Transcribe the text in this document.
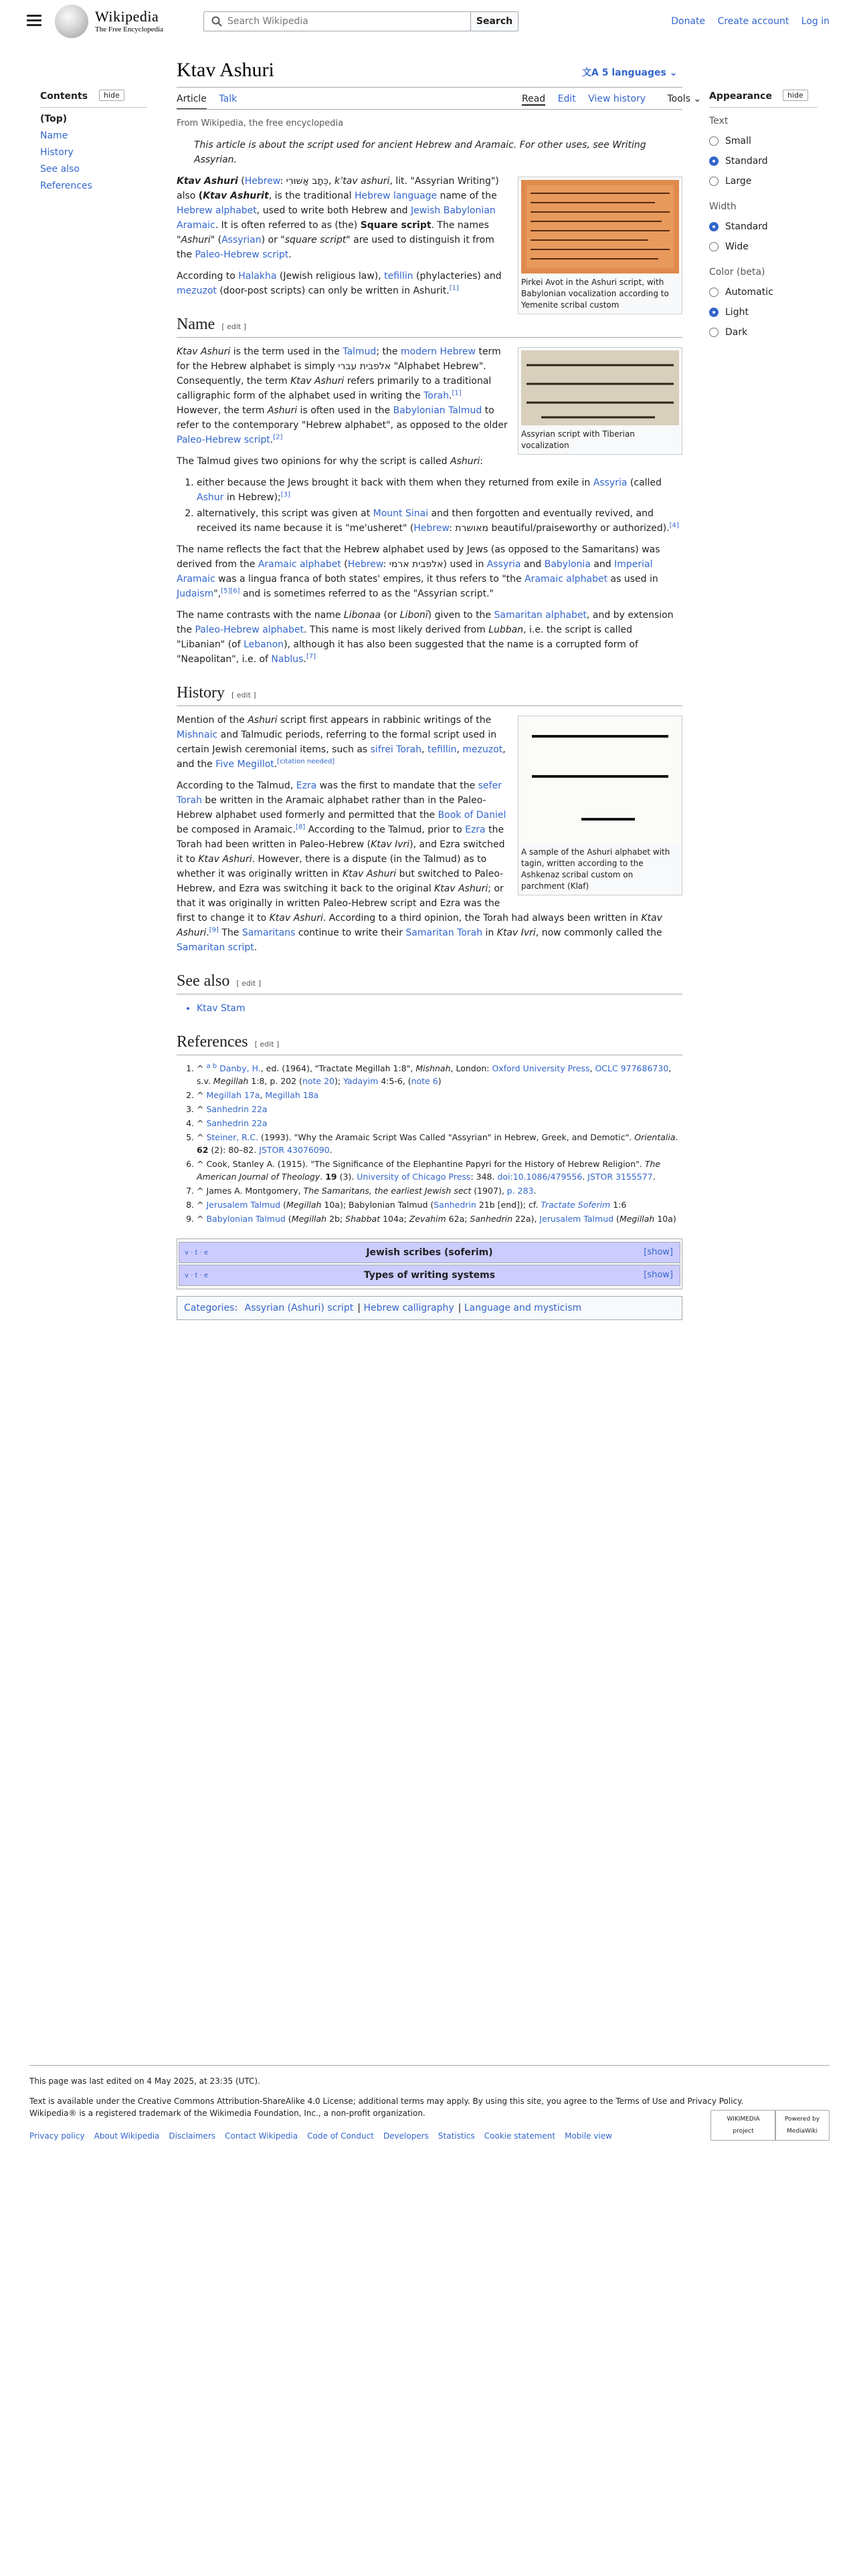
Wikipedia
The Free Encyclopedia
Search Wikipedia
Search	Donate Create account Log in
Contents	hide
(Top)
Name
History
See also
References
Ktav Ashuri	文A 5 languages ⌄
Article Talk	Read Edit View history Tools ⌄ Appearance	hide
Text
Small
Standard
Large
Width
Standard
Wide
Color (beta)
Automatic
Light
Dark

From Wikipedia, the free encyclopedia

This article is about the script used for ancient Hebrew and Aramaic. For other uses, see Writing Assyrian.
Pirkei Avot in the Ashuri script, with Babylonian vocalization according to Yemenite scribal custom

Ktav Ashuri (Hebrew: כְּתָב אַשּׁוּרִי, kʾtav ashuri, lit. "Assyrian Writing") also (Ktav Ashurit, is the traditional Hebrew language name of the Hebrew alphabet, used to write both Hebrew and Jewish Babylonian Aramaic. It is often referred to as (the) Square script. The names "Ashuri" (Assyrian) or "square script" are used to distinguish it from the Paleo-Hebrew script.

According to Halakha (Jewish religious law), tefillin (phylacteries) and mezuzot (door-post scripts) can only be written in Ashurit.[1]

Name [ edit ]
Assyrian script with Tiberian vocalization

Ktav Ashuri is the term used in the Talmud; the modern Hebrew term for the Hebrew alphabet is simply אלפבית עברי "Alphabet Hebrew". Consequently, the term Ktav Ashuri refers primarily to a traditional calligraphic form of the alphabet used in writing the Torah.[1] However, the term Ashuri is often used in the Babylonian Talmud to refer to the contemporary "Hebrew alphabet", as opposed to the older Paleo-Hebrew script.[2]

The Talmud gives two opinions for why the script is called Ashuri:

1. either because the Jews brought it back with them when they returned from exile in Assyria (called Ashur in Hebrew);[3]
2. alternatively, this script was given at Mount Sinai and then forgotten and eventually revived, and received its name because it is "me'usheret" (Hebrew: מאושרת beautiful/praiseworthy or authorized).[4]

The name reflects the fact that the Hebrew alphabet used by Jews (as opposed to the Samaritans) was derived from the Aramaic alphabet (Hebrew: אלפבית ארמי) used in Assyria and Babylonia and Imperial Aramaic was a lingua franca of both states' empires, it thus refers to "the Aramaic alphabet as used in Judaism",[5][6] and is sometimes referred to as the "Assyrian script."

The name contrasts with the name Libonaa (or Libonī) given to the Samaritan alphabet, and by extension the Paleo-Hebrew alphabet. This name is most likely derived from Lubban, i.e. the script is called "Libanian" (of Lebanon), although it has also been suggested that the name is a corrupted form of "Neapolitan", i.e. of Nablus.[7]

History [ edit ]
A sample of the Ashuri alphabet with tagin, written according to the Ashkenaz scribal custom on parchment (Klaf)

Mention of the Ashuri script first appears in rabbinic writings of the Mishnaic and Talmudic periods, referring to the formal script used in certain Jewish ceremonial items, such as sifrei Torah, tefillin, mezuzot, and the Five Megillot.[citation needed]

According to the Talmud, Ezra was the first to mandate that the sefer Torah be written in the Aramaic alphabet rather than in the Paleo-Hebrew alphabet used formerly and permitted that the Book of Daniel be composed in Aramaic.[8] According to the Talmud, prior to Ezra the Torah had been written in Paleo-Hebrew (Ktav Ivri), and Ezra switched it to Ktav Ashuri. However, there is a dispute (in the Talmud) as to whether it was originally written in Ktav Ashuri but switched to Paleo-Hebrew, and Ezra was switching it back to the original Ktav Ashuri; or that it was originally in written Paleo-Hebrew script and Ezra was the first to change it to Ktav Ashuri. According to a third opinion, the Torah had always been written in Ktav Ashuri.[9] The Samaritans continue to write their Samaritan Torah in Ktav Ivri, now commonly called the Samaritan script.

See also [ edit ]
• Ktav Stam
References [ edit ]
1. ^ $^{a b}$ Danby, H., ed. (1964), "Tractate Megillah 1:8", Mishnah, London: Oxford University Press, OCLC 977686730, s.v. Megillah 1:8, p. 202 (note 20); Yadayim 4:5-6, (note 6)
2. ^ Megillah 17a, Megillah 18a
3. ^ Sanhedrin 22a
4. ^ Sanhedrin 22a
5. ^ Steiner, R.C. (1993). "Why the Aramaic Script Was Called "Assyrian" in Hebrew, Greek, and Demotic". Orientalia. 62 (2): 80–82. JSTOR 43076090.
6. ^ Cook, Stanley A. (1915). "The Significance of the Elephantine Papyri for the History of Hebrew Religion". The American Journal of Theology. 19 (3). University of Chicago Press: 348. doi:10.1086/479556. JSTOR 3155577.
7. ^ James A. Montgomery, The Samaritans, the earliest Jewish sect (1907), p. 283.
8. ^ Jerusalem Talmud (Megillah 10a); Babylonian Talmud (Sanhedrin 21b [end]); cf. Tractate Soferim 1:6
9. ^ Babylonian Talmud (Megillah 2b; Shabbat 104a; Zevahim 62a; Sanhedrin 22a), Jerusalem Talmud (Megillah 10a)
v · t · e	Jewish scribes (soferim)	[show]
v · t · e	Types of writing systems	[show]
Categories: Assyrian (Ashuri) script | Hebrew calligraphy | Language and mysticism
This page was last edited on 4 May 2025, at 23:35 (UTC).
Text is available under the Creative Commons Attribution-ShareAlike 4.0 License; additional terms may apply. By using this site, you agree to the Terms of Use and Privacy Policy. Wikipedia® is a registered trademark of the Wikimedia Foundation, Inc., a non-profit organization.
Privacy policy About Wikipedia Disclaimers Contact Wikipedia Code of Conduct Developers Statistics Cookie statement Mobile view
WIKIMEDIA project
Powered by MediaWiki
